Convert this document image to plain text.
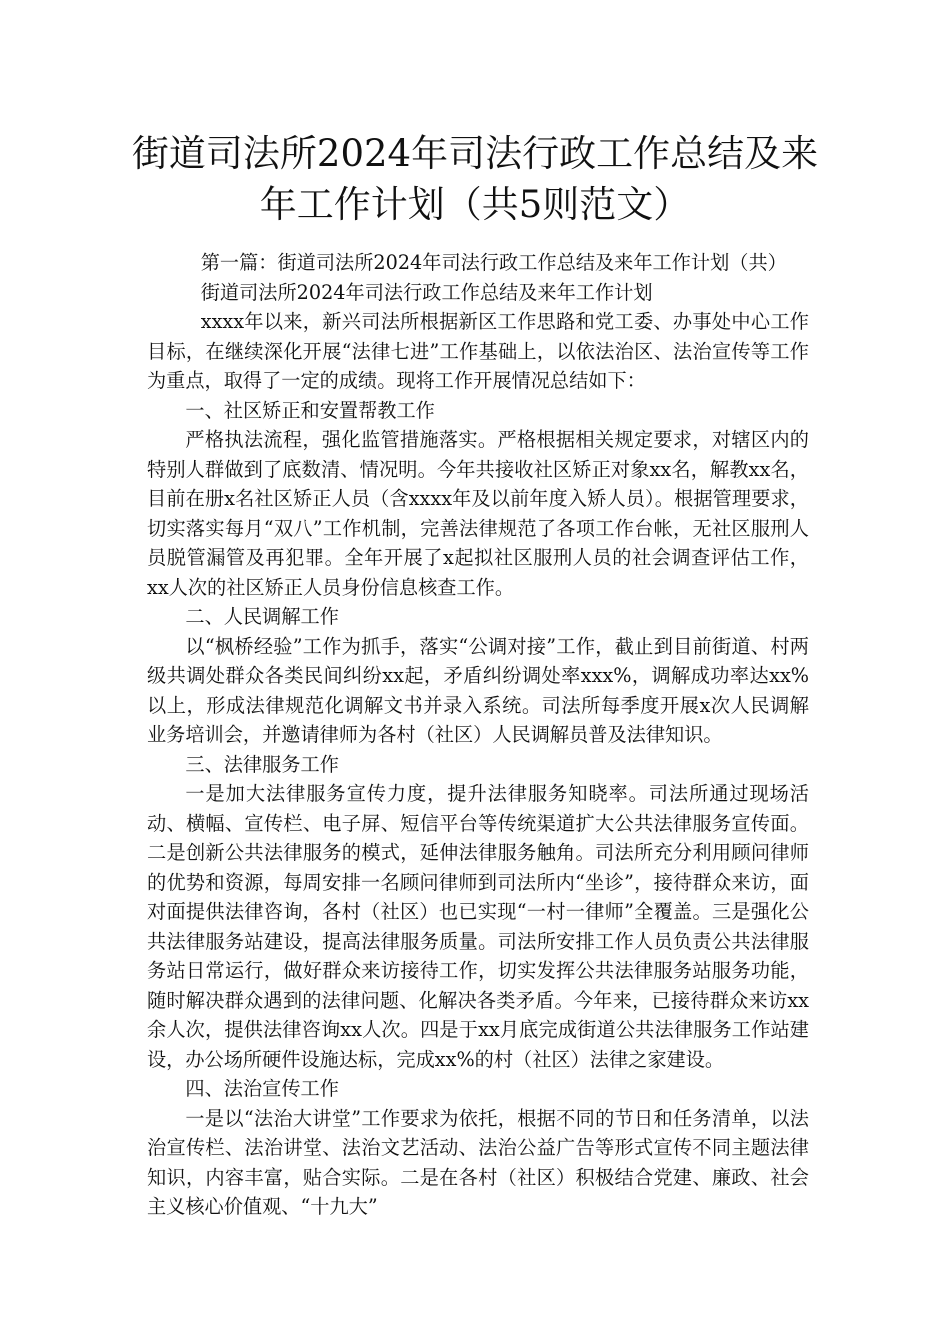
街道司法所2024年司法行政工作总结及来
年工作计划（共5则范文）

第一篇：街道司法所2024年司法行政工作总结及来年工作计划（共）

街道司法所2024年司法行政工作总结及来年工作计划

xxxx年以来，新兴司法所根据新区工作思路和党工委、办事处中心工作目标，在继续深化开展“法律七进”工作基础上，以依法治区、法治宣传等工作为重点，取得了一定的成绩。现将工作开展情况总结如下：

一、社区矫正和安置帮教工作

严格执法流程，强化监管措施落实。严格根据相关规定要求，对辖区内的特别人群做到了底数清、情况明。今年共接收社区矫正对象xx名，解教xx名，目前在册x名社区矫正人员（含xxxx年及以前年度入矫人员）。根据管理要求，切实落实每月“双八”工作机制，完善法律规范了各项工作台帐，无社区服刑人员脱管漏管及再犯罪。全年开展了x起拟社区服刑人员的社会调查评估工作，xx人次的社区矫正人员身份信息核查工作。

二、人民调解工作

以“枫桥经验”工作为抓手，落实“公调对接”工作，截止到目前街道、村两级共调处群众各类民间纠纷xx起，矛盾纠纷调处率xxx%，调解成功率达xx%以上，形成法律规范化调解文书并录入系统。司法所每季度开展x次人民调解业务培训会，并邀请律师为各村（社区）人民调解员普及法律知识。

三、法律服务工作

一是加大法律服务宣传力度，提升法律服务知晓率。司法所通过现场活动、横幅、宣传栏、电子屏、短信平台等传统渠道扩大公共法律服务宣传面。二是创新公共法律服务的模式，延伸法律服务触角。司法所充分利用顾问律师的优势和资源，每周安排一名顾问律师到司法所内“坐诊”，接待群众来访，面对面提供法律咨询，各村（社区）也已实现“一村一律师”全覆盖。三是强化公共法律服务站建设，提高法律服务质量。司法所安排工作人员负责公共法律服务站日常运行，做好群众来访接待工作，切实发挥公共法律服务站服务功能，随时解决群众遇到的法律问题、化解决各类矛盾。今年来，已接待群众来访xx余人次，提供法律咨询xx人次。四是于xx月底完成街道公共法律服务工作站建设，办公场所硬件设施达标，完成xx%的村（社区）法律之家建设。

四、法治宣传工作

一是以“法治大讲堂”工作要求为依托，根据不同的节日和任务清单，以法治宣传栏、法治讲堂、法治文艺活动、法治公益广告等形式宣传不同主题法律知识，内容丰富，贴合实际。二是在各村（社区）积极结合党建、廉政、社会主义核心价值观、“十九大”
